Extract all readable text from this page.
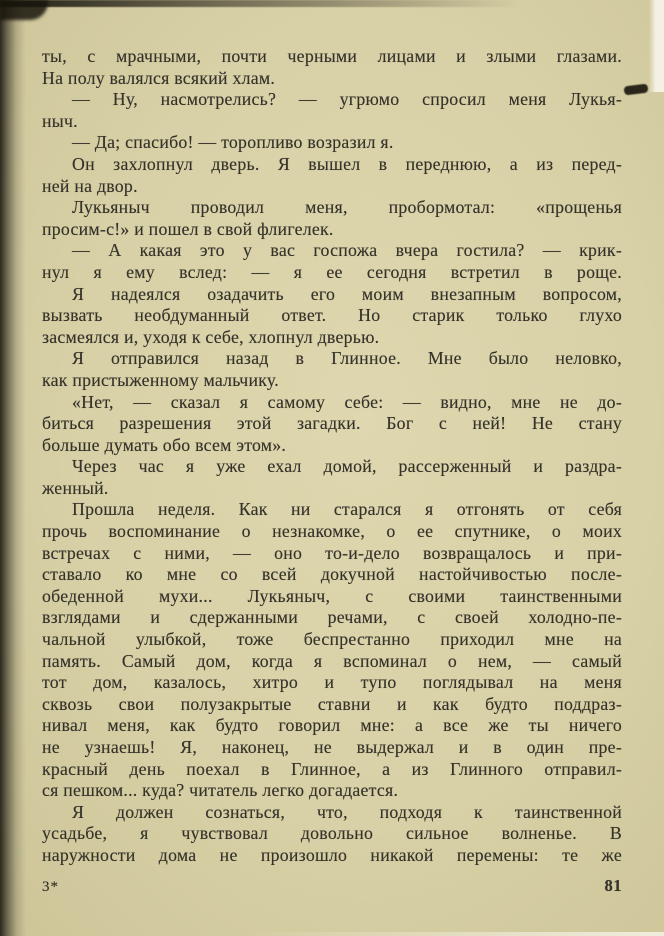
ты, с мрачными, почти черными лицами и злыми глазами.
На полу валялся всякий хлам.
— Ну, насмотрелись? — угрюмо спросил меня Лукья-
ныч.
— Да; спасибо! — торопливо возразил я.
Он захлопнул дверь. Я вышел в переднюю, а из перед-
ней на двор.
Лукьяныч проводил меня, пробормотал: «прощенья
просим-с!» и пошел в свой флигелек.
— А какая это у вас госпожа вчера гостила? — крик-
нул я ему вслед: — я ее сегодня встретил в роще.
Я надеялся озадачить его моим внезапным вопросом,
вызвать необдуманный ответ. Но старик только глухо
засмеялся и, уходя к себе, хлопнул дверью.
Я отправился назад в Глинное. Мне было неловко,
как пристыженному мальчику.
«Нет, — сказал я самому себе: — видно, мне не до-
биться разрешения этой загадки. Бог с ней! Не стану
больше думать обо всем этом».
Через час я уже ехал домой, рассерженный и раздра-
женный.
Прошла неделя. Как ни старался я отгонять от себя
прочь воспоминание о незнакомке, о ее спутнике, о моих
встречах с ними, — оно то-и-дело возвращалось и при-
ставало ко мне со всей докучной настойчивостью после-
обеденной мухи... Лукьяныч, с своими таинственными
взглядами и сдержанными речами, с своей холодно-пе-
чальной улыбкой, тоже беспрестанно приходил мне на
память. Самый дом, когда я вспоминал о нем, — самый
тот дом, казалось, хитро и тупо поглядывал на меня
сквозь свои полузакрытые ставни и как будто поддраз-
нивал меня, как будто говорил мне: а все же ты ничего
не узнаешь! Я, наконец, не выдержал и в один пре-
красный день поехал в Глинное, а из Глинного отправил-
ся пешком... куда? читатель легко догадается.
Я должен сознаться, что, подходя к таинственной
усадьбе, я чувствовал довольно сильное волненье. В
наружности дома не произошло никакой перемены: те же
3*	81
